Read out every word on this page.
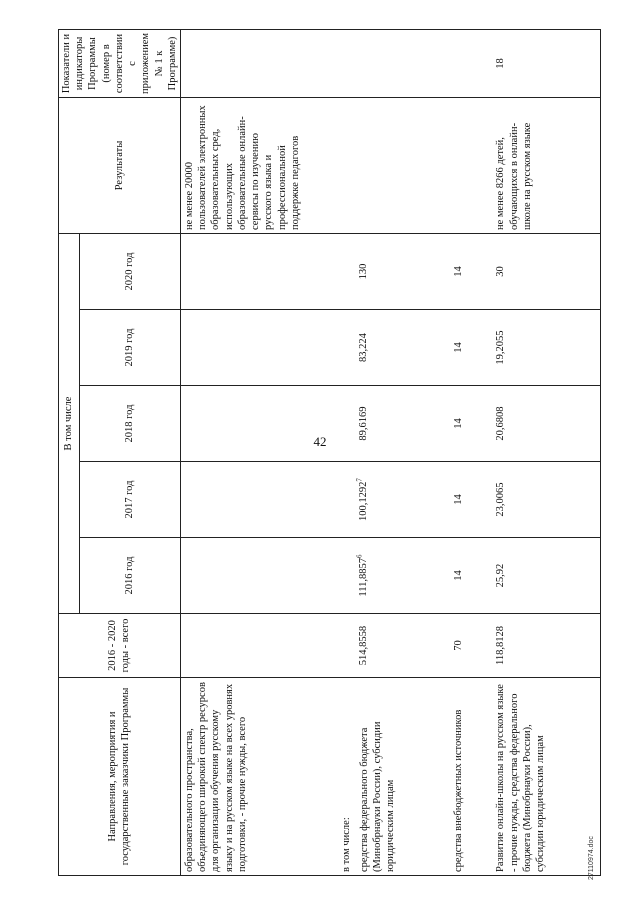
42
Направления, мероприятия и государственные заказчики Программы	2016 - 2020 годы - всего	В том числе					Результаты	Показатели и индикаторы Программы (номер в соответствии с приложением № 1 к Программе)
		2016 год	2017 год	2018 год	2019 год	2020 год		
образовательного пространства, объединяющего широкий спектр ресурсов для организации обучения русскому языку и на русском языке на всех уровнях подготовки, - прочие нужды, всего							не менее 20000 пользователей электронных образовательных сред, использующих образовательные онлайн-сервисы по изучению русского языка и профессиональной поддержке педагогов	

в том числе: средства федерального бюджета (Минобрнауки России), субсидии юридическим лицам	514,8558	111,8857$^6$	100,1292$^7$	89,6169	83,224	130		

средства внебюджетных источников	70	14	14	14	14	14		
Развитие онлайн-школы на русском языке - прочие нужды, средства федерального бюджета (Минобрнауки России), субсидии юридическим лицам	118,8128	25,92	23,0065	20,6808	19,2055	30	не менее 8266 детей, обучающихся в онлайн-школе на русском языке	18
27110974.doc
